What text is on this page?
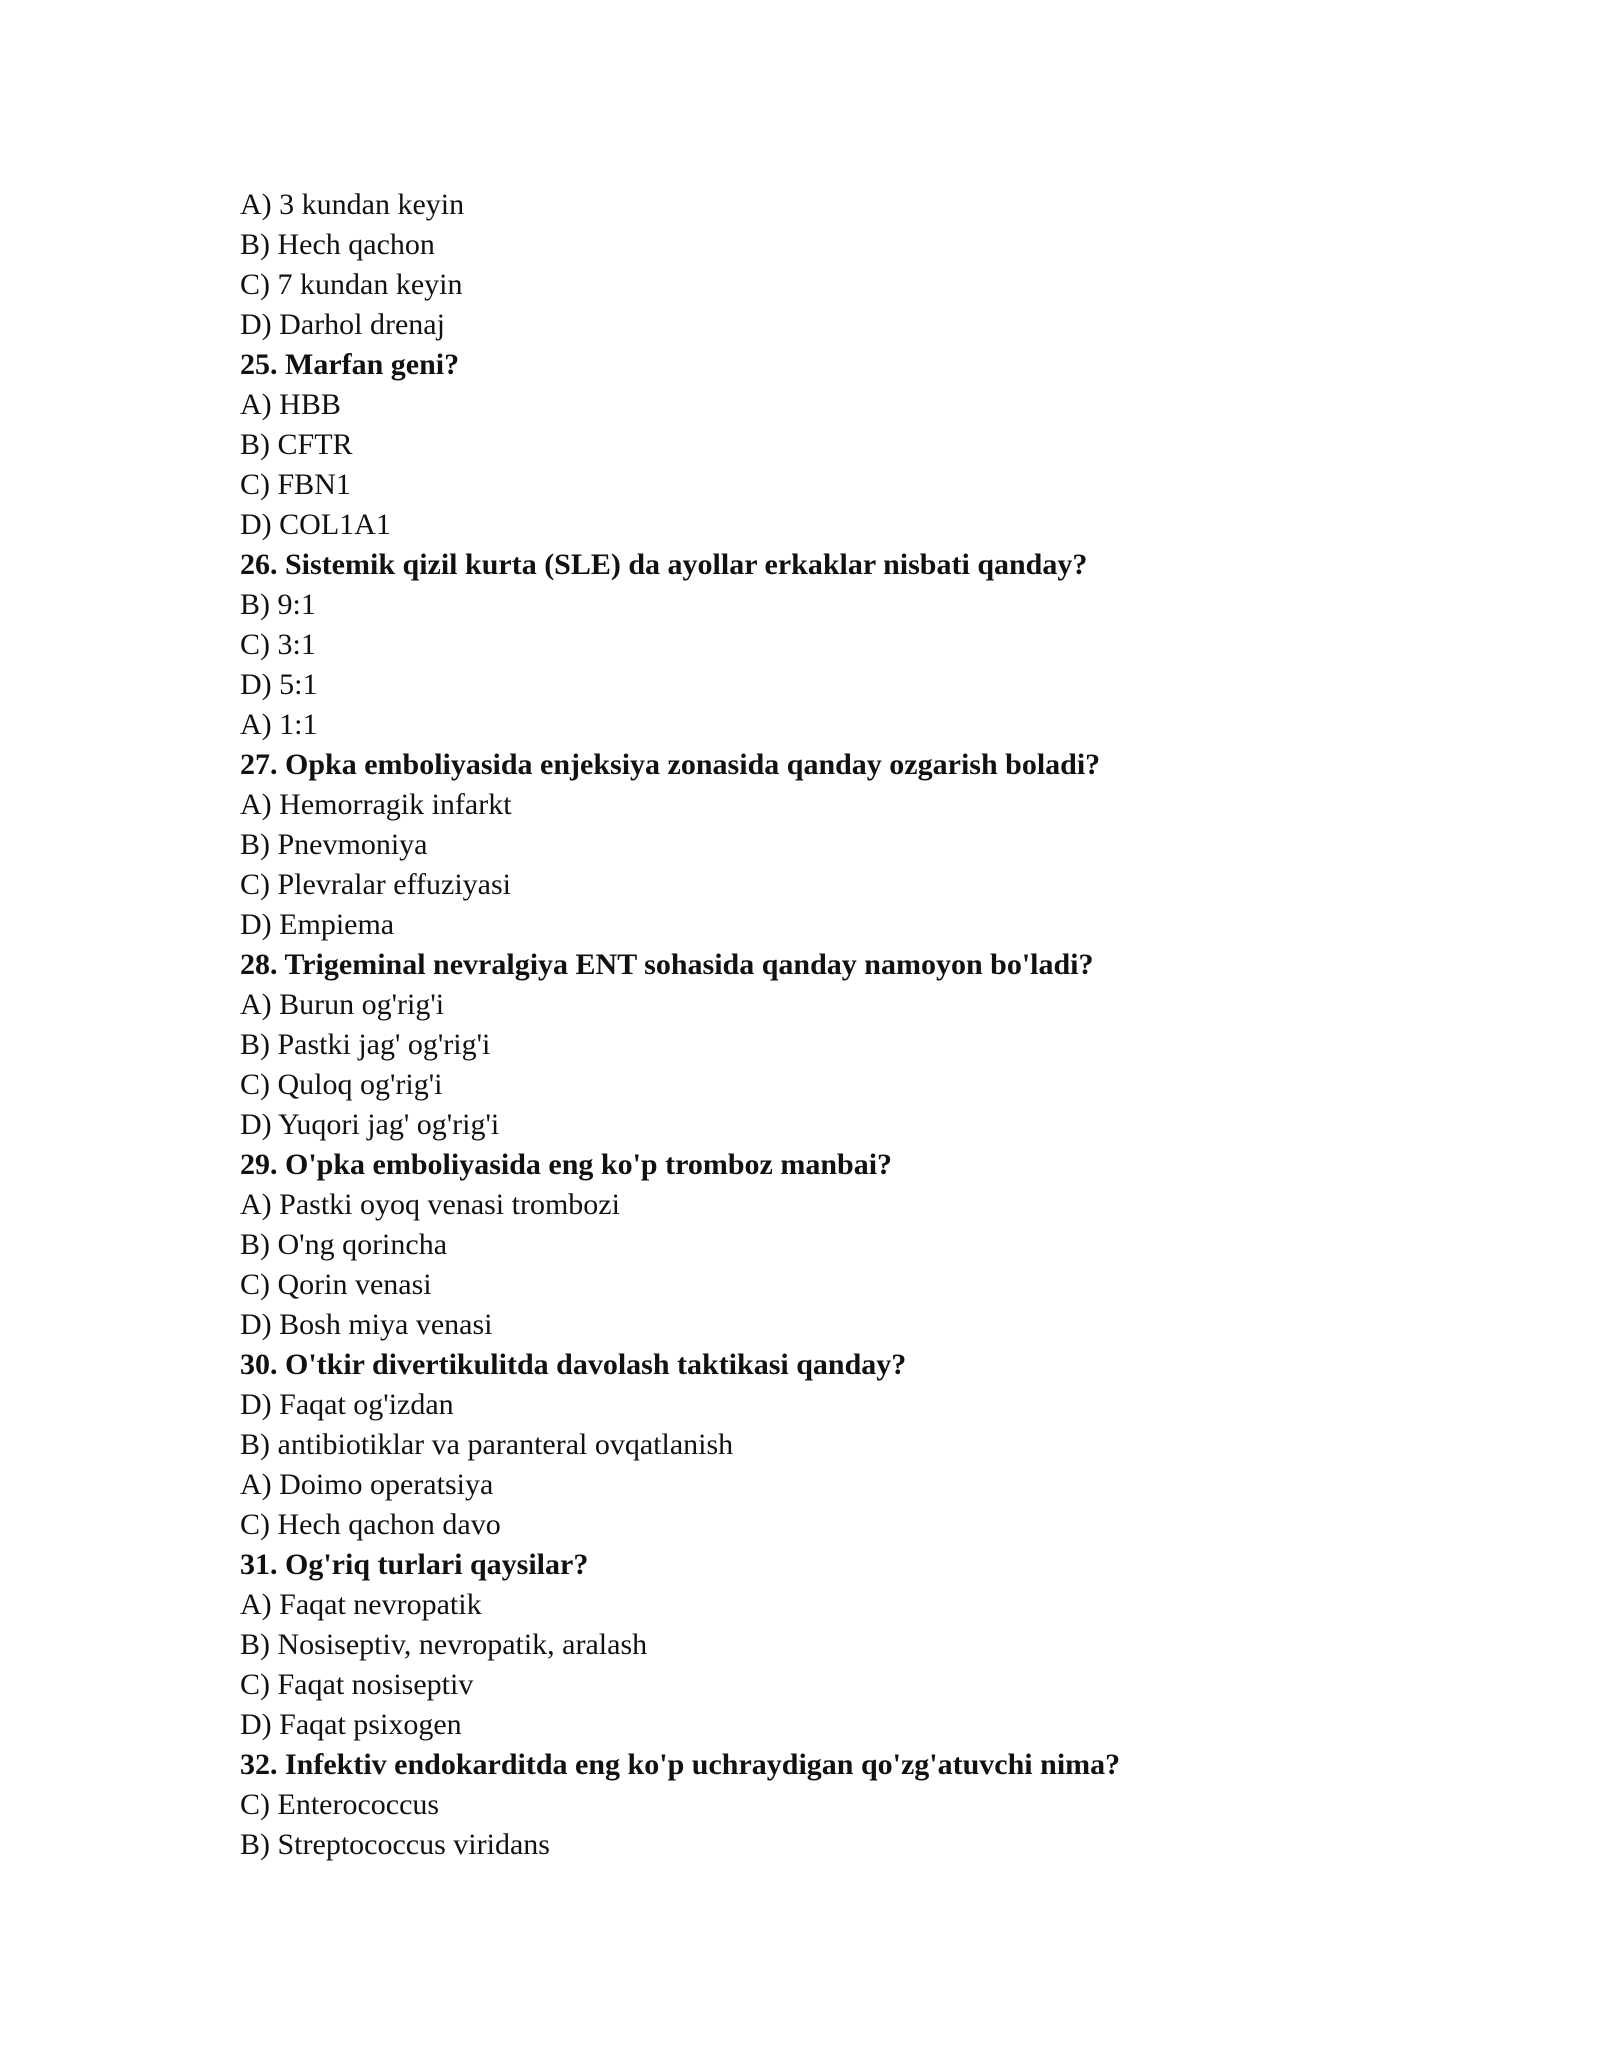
A) 3 kundan keyin
B) Hech qachon
C) 7 kundan keyin
D) Darhol drenaj
25. Marfan geni?
A) HBB
B) CFTR
C) FBN1
D) COL1A1
26. Sistemik qizil kurta (SLE) da ayollar erkaklar nisbati qanday?
B) 9:1
C) 3:1
D) 5:1
A) 1:1
27. Opka emboliyasida enjeksiya zonasida qanday ozgarish boladi?
A) Hemorragik infarkt
B) Pnevmoniya
C) Plevralar effuziyasi
D) Empiema
28. Trigeminal nevralgiya ENT sohasida qanday namoyon bo'ladi?
A) Burun og'rig'i
B) Pastki jag' og'rig'i
C) Quloq og'rig'i
D) Yuqori jag' og'rig'i
29. O'pka emboliyasida eng ko'p tromboz manbai?
A) Pastki oyoq venasi trombozi
B) O'ng qorincha
C) Qorin venasi
D) Bosh miya venasi
30. O'tkir divertikulitda davolash taktikasi qanday?
D) Faqat og'izdan
B) antibiotiklar va paranteral ovqatlanish
A) Doimo operatsiya
C) Hech qachon davo
31. Og'riq turlari qaysilar?
A) Faqat nevropatik
B) Nosiseptiv, nevropatik, aralash
C) Faqat nosiseptiv
D) Faqat psixogen
32. Infektiv endokarditda eng ko'p uchraydigan qo'zg'atuvchi nima?
C) Enterococcus
B) Streptococcus viridans
